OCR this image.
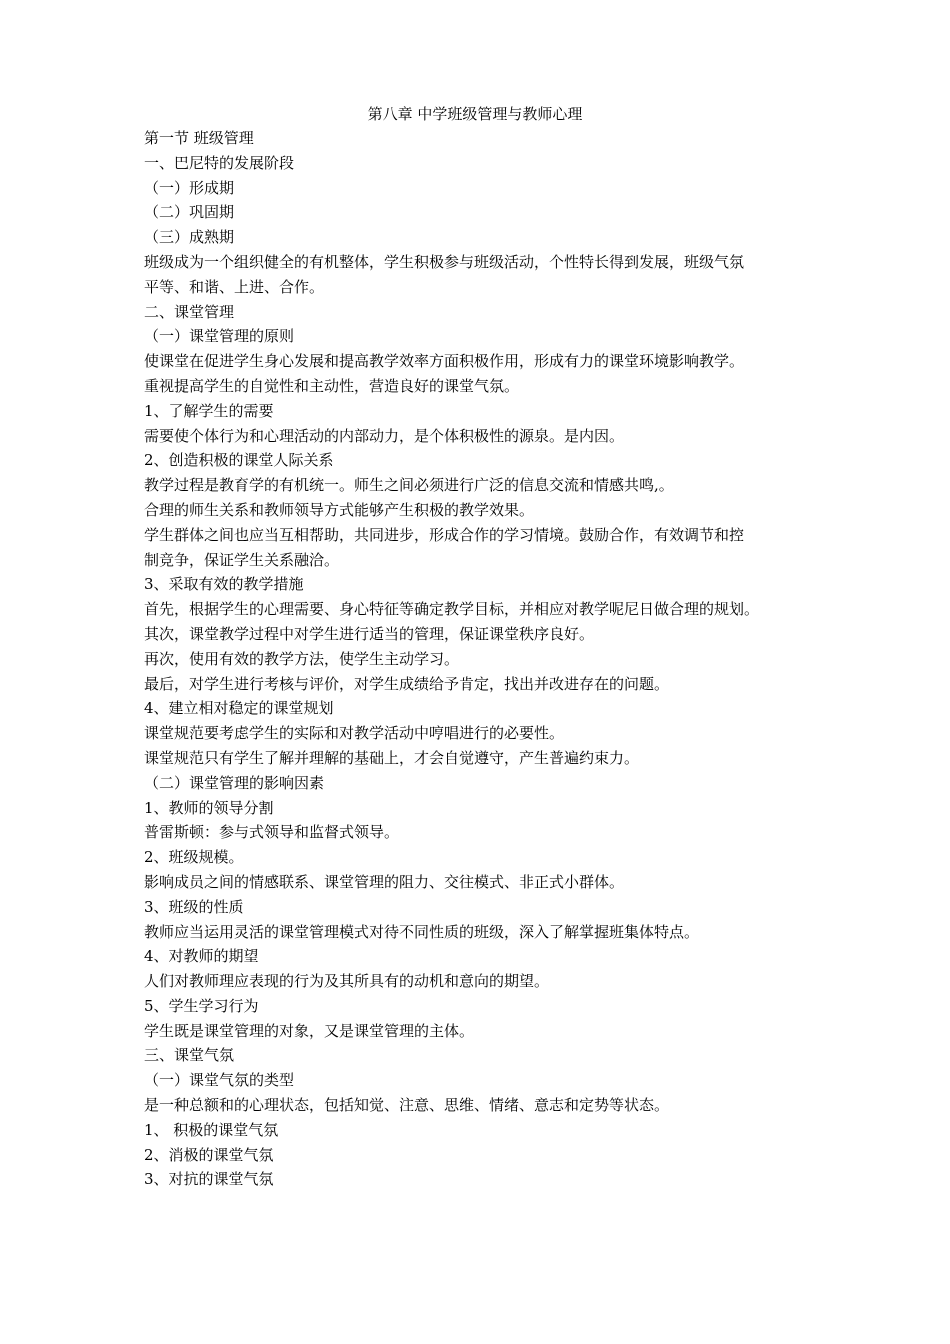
第八章 中学班级管理与教师心理
第一节 班级管理
一、巴尼特的发展阶段
（一）形成期
（二）巩固期
（三）成熟期
班级成为一个组织健全的有机整体，学生积极参与班级活动，个性特长得到发展，班级气氛
平等、和谐、上进、合作。
二、课堂管理
（一）课堂管理的原则
使课堂在促进学生身心发展和提高教学效率方面积极作用，形成有力的课堂环境影响教学。
重视提高学生的自觉性和主动性，营造良好的课堂气氛。
1、了解学生的需要
需要使个体行为和心理活动的内部动力，是个体积极性的源泉。是内因。
2、创造积极的课堂人际关系
教学过程是教育学的有机统一。师生之间必须进行广泛的信息交流和情感共鸣,。
合理的师生关系和教师领导方式能够产生积极的教学效果。
学生群体之间也应当互相帮助，共同进步，形成合作的学习情境。鼓励合作，有效调节和控
制竞争，保证学生关系融洽。
3、采取有效的教学措施
首先，根据学生的心理需要、身心特征等确定教学目标，并相应对教学呢尼日做合理的规划。
其次，课堂教学过程中对学生进行适当的管理，保证课堂秩序良好。
再次，使用有效的教学方法，使学生主动学习。
最后，对学生进行考核与评价，对学生成绩给予肯定，找出并改进存在的问题。
4、建立相对稳定的课堂规划
课堂规范要考虑学生的实际和对教学活动中哼唱进行的必要性。
课堂规范只有学生了解并理解的基础上，才会自觉遵守，产生普遍约束力。
（二）课堂管理的影响因素
1、教师的领导分割
普雷斯顿：参与式领导和监督式领导。
2、班级规模。
影响成员之间的情感联系、课堂管理的阻力、交往模式、非正式小群体。
3、班级的性质
教师应当运用灵活的课堂管理模式对待不同性质的班级，深入了解掌握班集体特点。
4、对教师的期望
人们对教师理应表现的行为及其所具有的动机和意向的期望。
5、学生学习行为
学生既是课堂管理的对象，又是课堂管理的主体。
三、课堂气氛
（一）课堂气氛的类型
是一种总额和的心理状态，包括知觉、注意、思维、情绪、意志和定势等状态。
1、 积极的课堂气氛
2、消极的课堂气氛
3、对抗的课堂气氛
